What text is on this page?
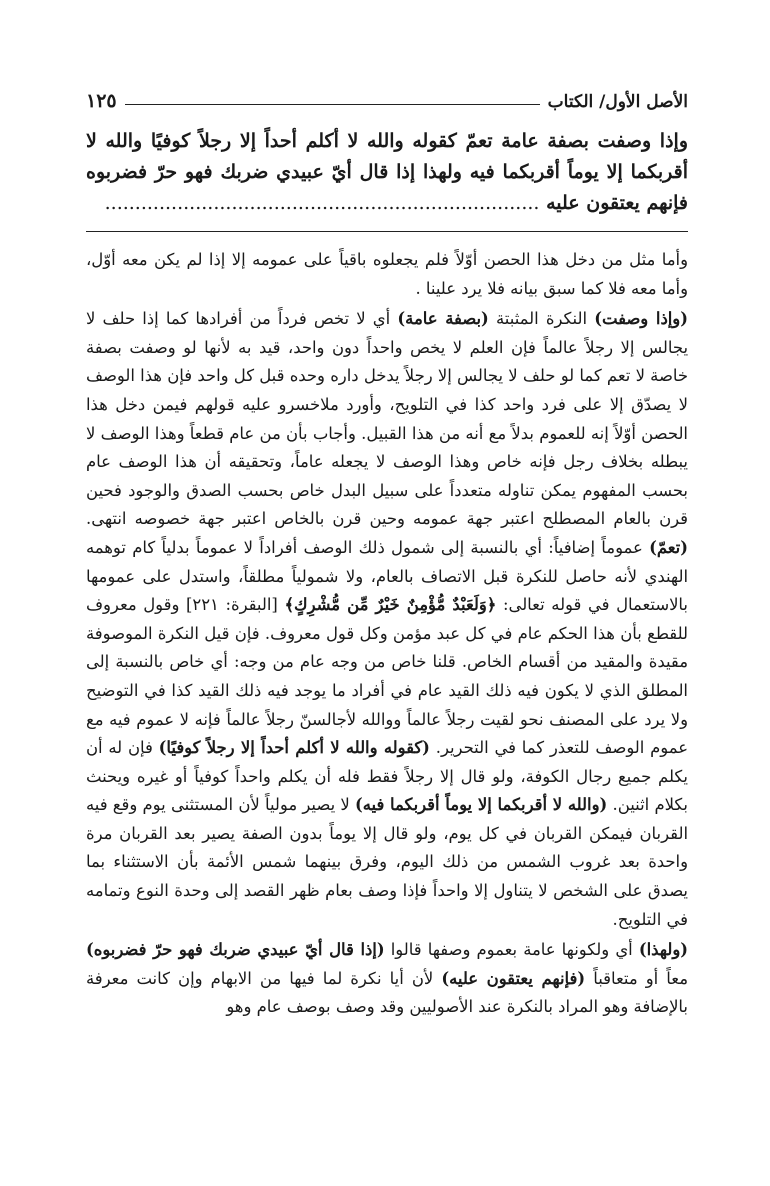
الأصل الأول/ الكتاب
١٢٥

وإذا وصفت بصفة عامة تعمّ كقوله والله لا أكلم أحداً إلا رجلاً كوفيًا والله لا أقربكما إلا يوماً أقربكما فيه ولهذا إذا قال أيّ عبيدي ضربك فهو حرّ فضربوه فإنهم يعتقون عليه ........................................................................

وأما مثل من دخل هذا الحصن أوّلاً فلم يجعلوه باقياً على عمومه إلا إذا لم يكن معه أوّل، وأما معه فلا كما سبق بيانه فلا يرد علينا .

(وإذا وصفت) النكرة المثبتة (بصفة عامة) أي لا تخص فرداً من أفرادها كما إذا حلف لا يجالس إلا رجلاً عالماً فإن العلم لا يخص واحداً دون واحد، قيد به لأنها لو وصفت بصفة خاصة لا تعم كما لو حلف لا يجالس إلا رجلاً يدخل داره وحده قبل كل واحد فإن هذا الوصف لا يصدّق إلا على فرد واحد كذا في التلويح، وأورد ملاخسرو عليه قولهم فيمن دخل هذا الحصن أوّلاً إنه للعموم بدلاً مع أنه من هذا القبيل. وأجاب بأن من عام قطعاً وهذا الوصف لا يبطله بخلاف رجل فإنه خاص وهذا الوصف لا يجعله عاماً، وتحقيقه أن هذا الوصف عام بحسب المفهوم يمكن تناوله متعدداً على سبيل البدل خاص بحسب الصدق والوجود فحين قرن بالعام المصطلح اعتبر جهة عمومه وحين قرن بالخاص اعتبر جهة خصوصه انتهى. (تعمّ) عموماً إضافياً: أي بالنسبة إلى شمول ذلك الوصف أفراداً لا عموماً بدلياً كام توهمه الهندي لأنه حاصل للنكرة قبل الاتصاف بالعام، ولا شمولياً مطلقاً، واستدل على عمومها بالاستعمال في قوله تعالى: ﴿وَلَعَبْدٌ مُّؤْمِنٌ خَيْرٌ مِّن مُّشْرِكٍ﴾ [البقرة: ٢٢١] وقول معروف للقطع بأن هذا الحكم عام في كل عبد مؤمن وكل قول معروف. فإن قيل النكرة الموصوفة مقيدة والمقيد من أقسام الخاص. قلنا خاص من وجه عام من وجه: أي خاص بالنسبة إلى المطلق الذي لا يكون فيه ذلك القيد عام في أفراد ما يوجد فيه ذلك القيد كذا في التوضيح ولا يرد على المصنف نحو لقيت رجلاً عالماً ووالله لأجالسنّ رجلاً عالماً فإنه لا عموم فيه مع عموم الوصف للتعذر كما في التحرير. (كقوله والله لا أكلم أحداً إلا رجلاً كوفيًا) فإن له أن يكلم جميع رجال الكوفة، ولو قال إلا رجلاً فقط فله أن يكلم واحداً كوفياً أو غيره ويحنث بكلام اثنين. (والله لا أقربكما إلا يوماً أقربكما فيه) لا يصير مولياً لأن المستثنى يوم وقع فيه القربان فيمكن القربان في كل يوم، ولو قال إلا يوماً بدون الصفة يصير بعد القربان مرة واحدة بعد غروب الشمس من ذلك اليوم، وفرق بينهما شمس الأئمة بأن الاستثناء بما يصدق على الشخص لا يتناول إلا واحداً فإذا وصف بعام ظهر القصد إلى وحدة النوع وتمامه في التلويح.

(ولهذا) أي ولكونها عامة بعموم وصفها قالوا (إذا قال أيّ عبيدي ضربك فهو حرّ فضربوه) معاً أو متعاقباً (فإنهم يعتقون عليه) لأن أيا نكرة لما فيها من الابهام وإن كانت معرفة بالإضافة وهو المراد بالنكرة عند الأصوليين وقد وصف بوصف عام وهو
